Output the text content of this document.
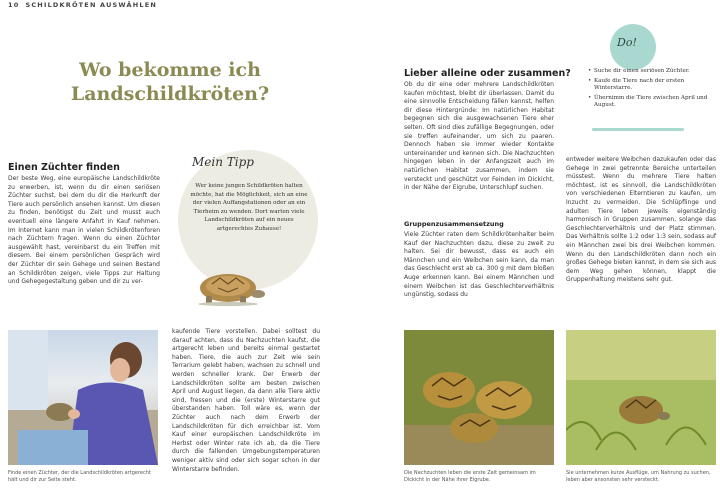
10 SCHILDKRÖTEN AUSWÄHLEN
Wo bekomme ich
Landschildkröten?
Einen Züchter finden
Der beste Weg, eine europäische Landschildkröte zu erwerben, ist, wenn du dir einen seriösen Züchter suchst, bei dem du dir die Herkunft der Tiere auch persönlich ansehen kannst. Um diesen zu finden, benötigst du Zeit und musst auch eventuell eine längere Anfahrt in Kauf nehmen. Im Internet kann man in vielen Schildkrötenforen nach Züchtern fragen. Wenn du einen Züchter ausgewählt hast, vereinbarst du ein Treffen mit diesem. Bei einem persönlichen Gespräch wird der Züchter dir sein Gehege und seinen Bestand an Schildkröten zeigen, viele Tipps zur Haltung und Gehegegestaltung geben und dir zu ver-
Mein Tipp
Wer keine jungen Schildkröten halten möchte, hat die Möglichkeit, sich an eine der vielen Auffangstationen oder an ein Tierheim zu wenden. Dort warten viele Landschildkröten auf ein neues artgerechtes Zuhause!
Finde einen Züchter, der die Landschildkröten artgerecht hält und dir zur Seite steht.
kaufende Tiere vorstellen. Dabei solltest du darauf achten, dass du Nachzuchten kaufst, die artgerecht leben und bereits einmal gestartet haben. Tiere, die auch zur Zeit wie sein Terrarium gelebt haben, wachsen zu schnell und werden schneller krank. Der Erwerb der Landschildkröten sollte am besten zwischen April und August liegen, da dann alle Tiere aktiv sind, fressen und die (erste) Winterstarre gut überstanden haben. Toll wäre es, wenn der Züchter auch nach dem Erwerb der Landschildkröten für dich erreichbar ist. Vom Kauf einer europäischen Landschildkröte im Herbst oder Winter rate ich ab, da die Tiere durch die fallenden Umgebungstemperaturen weniger aktiv sind oder sich sogar schon in der Winterstarre befinden.
Lieber alleine oder zusammen?
Ob du dir eine oder mehrere Landschildkröten kaufen möchtest, bleibt dir überlassen. Damit du eine sinnvolle Entscheidung fällen kannst, helfen dir diese Hintergründe: Im natürlichen Habitat begegnen sich die ausgewachsenen Tiere eher selten. Oft sind dies zufällige Begegnungen, oder sie treffen aufeinander, um sich zu paaren. Dennoch haben sie immer wieder Kontakte untereinander und kennen sich. Die Nachzuchten hingegen leben in der Anfangszeit auch im natürlichen Habitat zusammen, indem sie versteckt und geschützt vor Feinden im Dickicht, in der Nähe der Eigrube, Unterschlupf suchen.
Gruppenzusammensetzung
Viele Züchter raten dem Schildkrötenhalter beim Kauf der Nachzuchten dazu, diese zu zweit zu halten. Sei dir bewusst, dass es auch ein Männchen und ein Weibchen sein kann, da man das Geschlecht erst ab ca. 300 g mit dem bloßen Auge erkennen kann. Bei einem Männchen und einem Weibchen ist das Geschlechterverhältnis ungünstig, sodass du
Do!
• Suche dir einen seriösen Züchter.
• Kaufe die Tiere nach der ersten Winterstarre.
• Übernimm die Tiere zwischen April und August.
entweder weitere Weibchen dazukaufen oder das Gehege in zwei getrennte Bereiche unterteilen müsstest. Wenn du mehrere Tiere halten möchtest, ist es sinnvoll, die Landschildkröten von verschiedenen Elterntieren zu kaufen, um Inzucht zu vermeiden. Die Schlüpflinge und adulten Tiere leben jeweils eigenständig harmonisch in Gruppen zusammen, solange das Geschlechterverhältnis und der Platz stimmen. Das Verhältnis sollte 1:2 oder 1:3 sein, sodass auf ein Männchen zwei bis drei Weibchen kommen. Wenn du den Landschildkröten dann noch ein großes Gehege bieten kannst, in dem sie sich aus dem Weg gehen können, klappt die Gruppenhaltung meistens sehr gut.
Die Nachzuchten leben die erste Zeit gemeinsam im Dickicht in der Nähe ihrer Eigrube.
Sie unternehmen kurze Ausflüge, um Nahrung zu suchen, leben aber ansonsten sehr versteckt.
